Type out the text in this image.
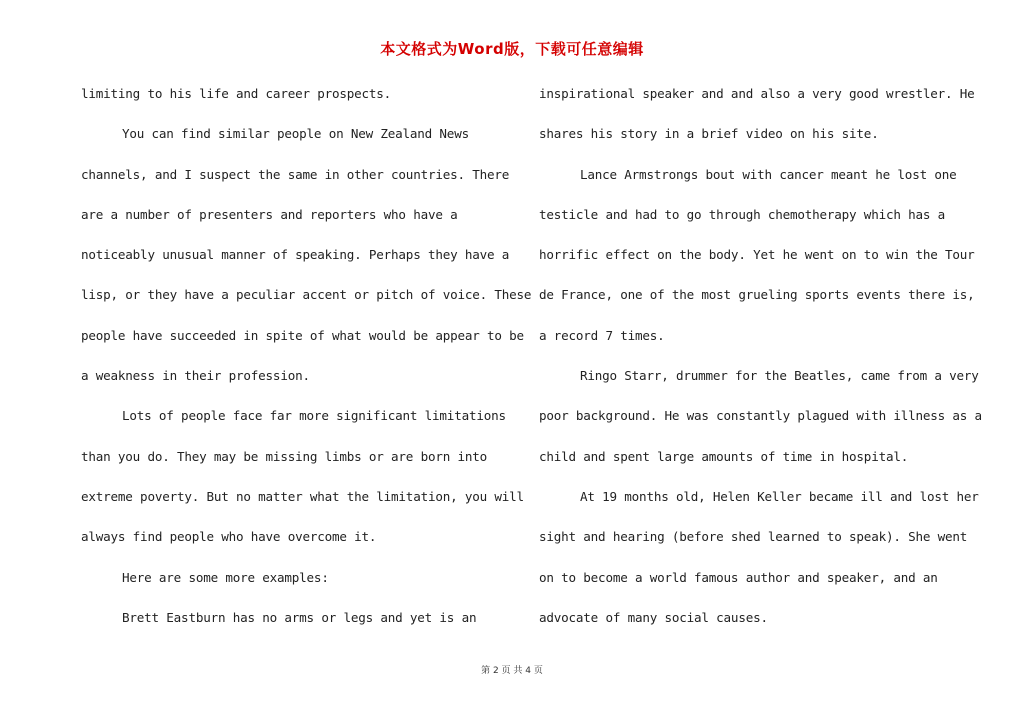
本文格式为Word版，下载可任意编辑
limiting to his life and career prospects.
You can find similar people on New Zealand News
channels, and I suspect the same in other countries. There
are a number of presenters and reporters who have a
noticeably unusual manner of speaking. Perhaps they have a
lisp, or they have a peculiar accent or pitch of voice. These
people have succeeded in spite of what would be appear to be
a weakness in their profession.
Lots of people face far more significant limitations
than you do. They may be missing limbs or are born into
extreme poverty. But no matter what the limitation, you will
always find people who have overcome it.
Here are some more examples:
Brett Eastburn has no arms or legs and yet is an
inspirational speaker and and also a very good wrestler. He
shares his story in a brief video on his site.
Lance Armstrongs bout with cancer meant he lost one
testicle and had to go through chemotherapy which has a
horrific effect on the body. Yet he went on to win the Tour
de France, one of the most grueling sports events there is,
a record 7 times.
Ringo Starr, drummer for the Beatles, came from a very
poor background. He was constantly plagued with illness as a
child and spent large amounts of time in hospital.
At 19 months old, Helen Keller became ill and lost her
sight and hearing (before shed learned to speak). She went
on to become a world famous author and speaker, and an
advocate of many social causes.
第 2 页 共 4 页
